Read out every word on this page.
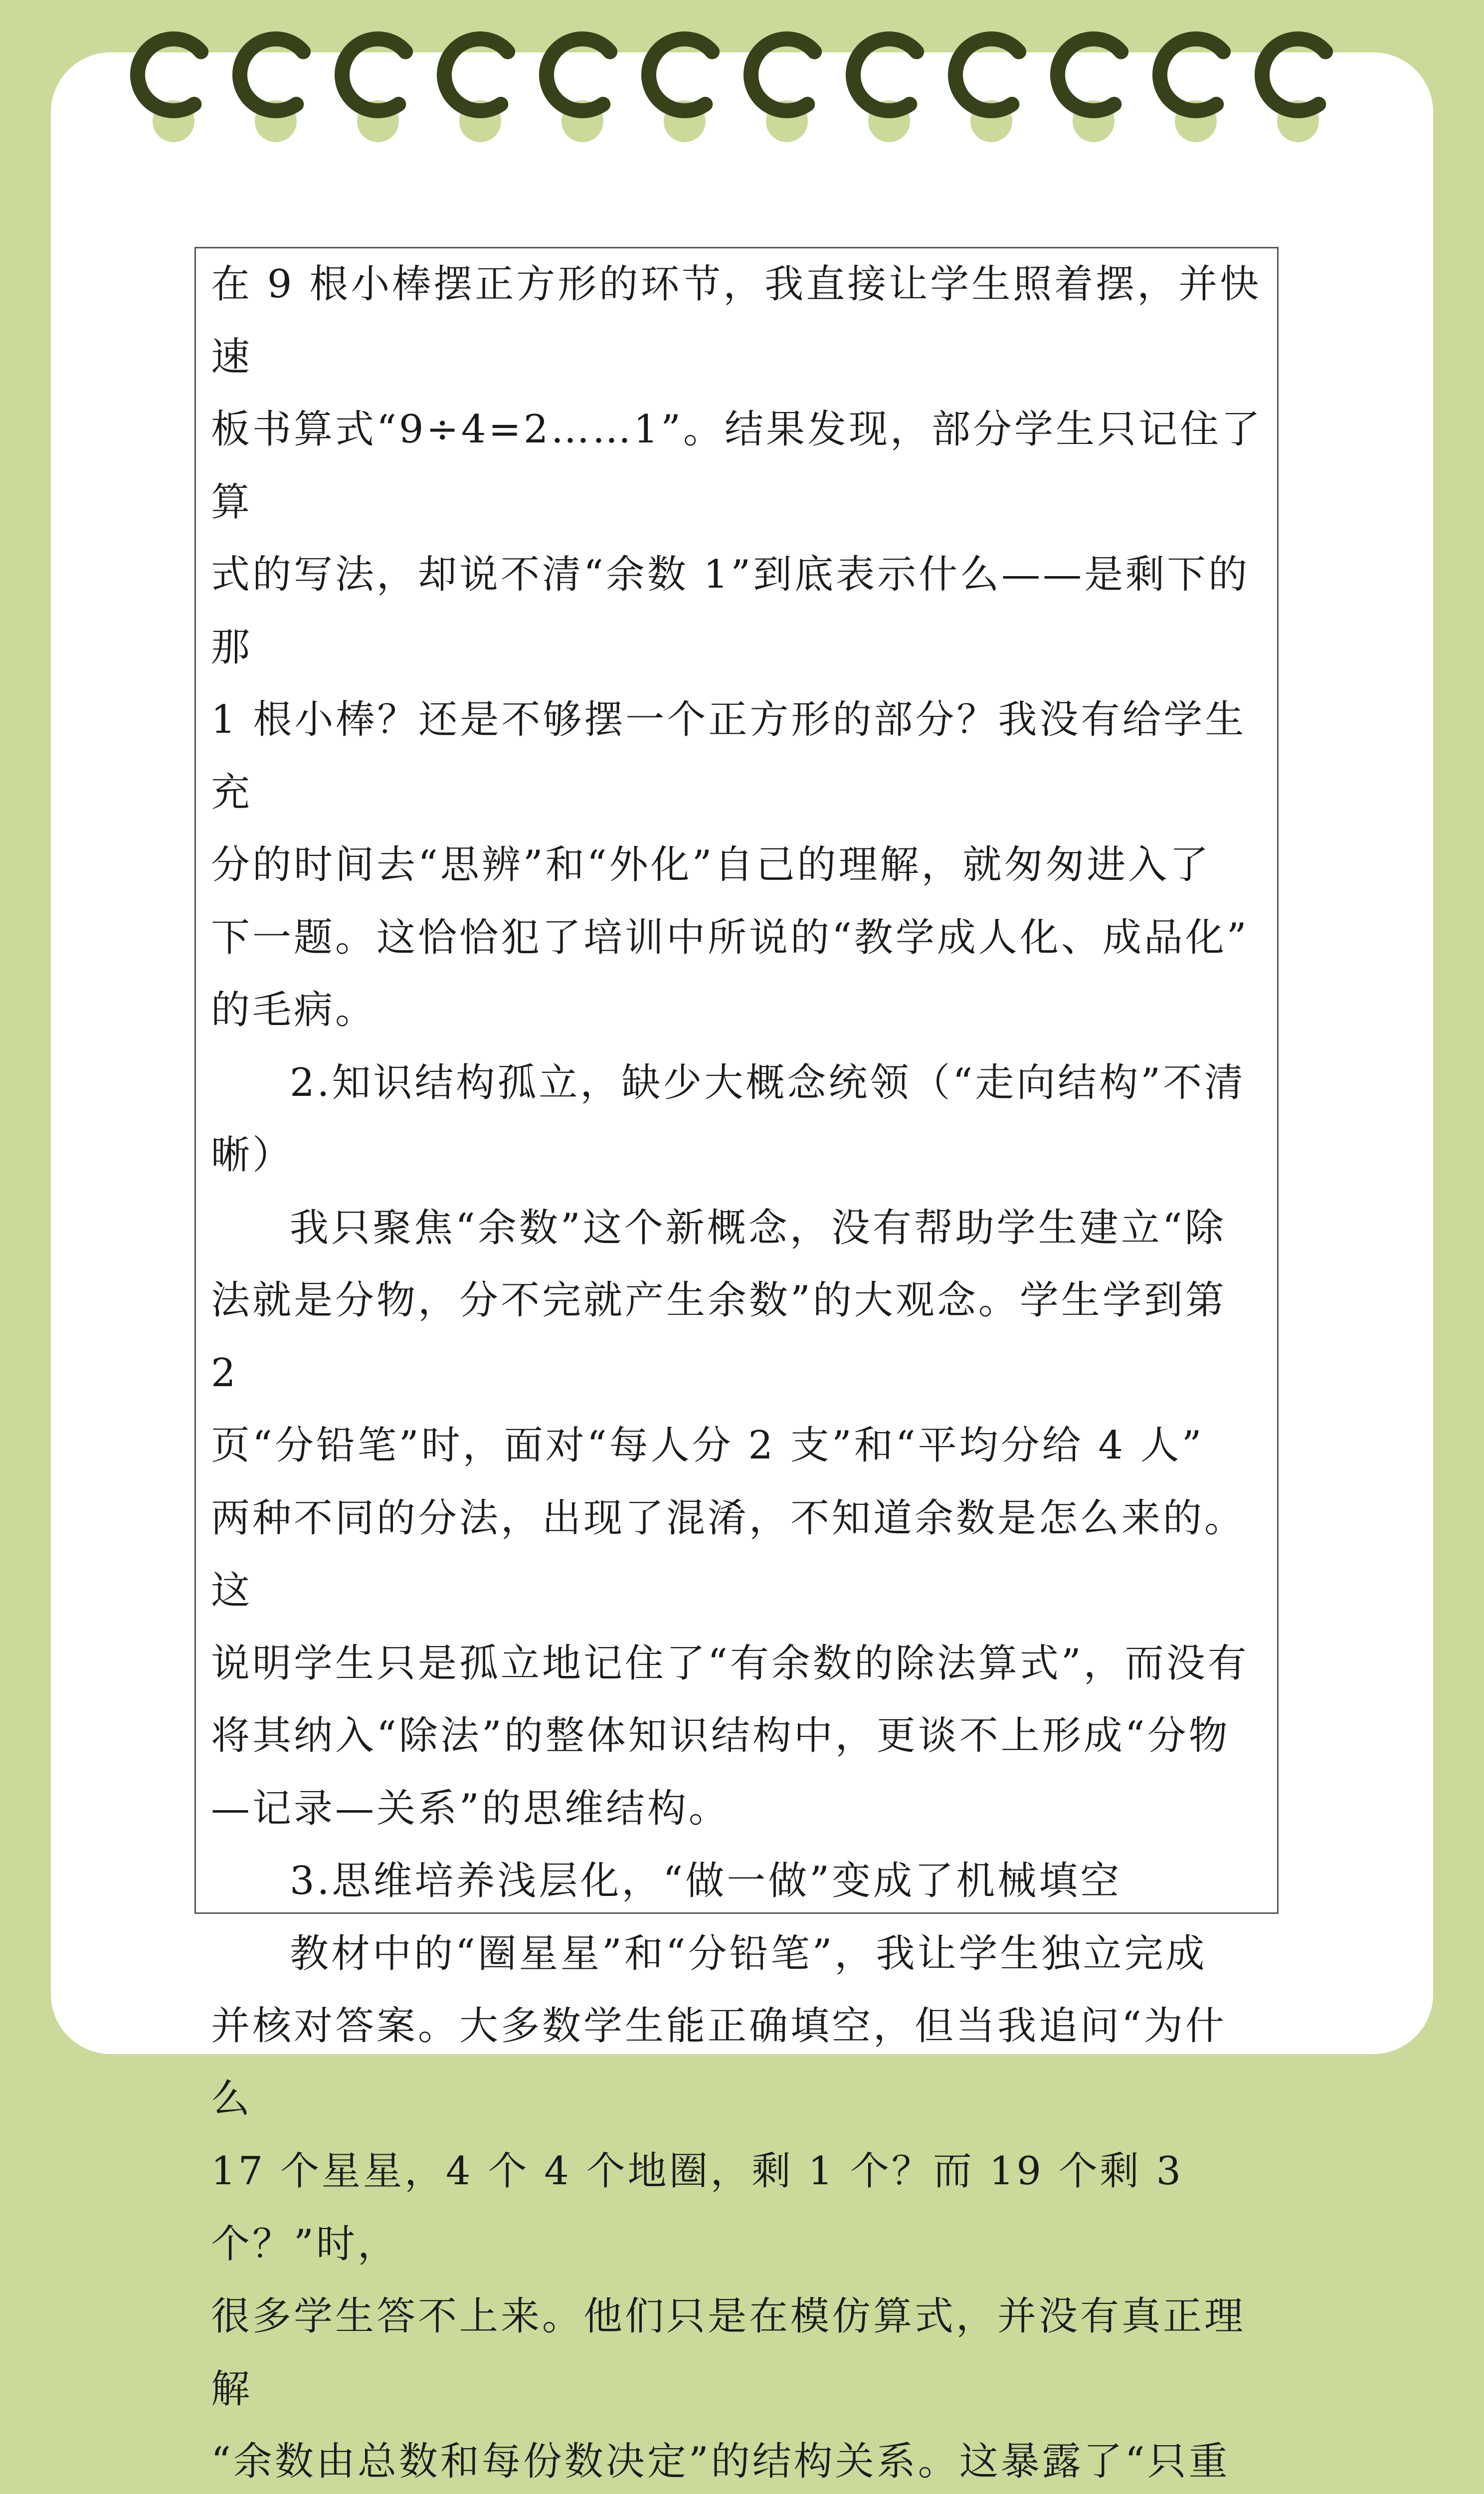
在 9 根小棒摆正方形的环节，我直接让学生照着摆，并快速
板书算式“9÷4=2……1”。结果发现，部分学生只记住了算
式的写法，却说不清“余数 1”到底表示什么——是剩下的那
1 根小棒？还是不够摆一个正方形的部分？我没有给学生充
分的时间去“思辨”和“外化”自己的理解，就匆匆进入了
下一题。这恰恰犯了培训中所说的“教学成人化、成品化”
的毛病。

2.知识结构孤立，缺少大概念统领（“走向结构”不清
晰）

我只聚焦“余数”这个新概念，没有帮助学生建立“除
法就是分物，分不完就产生余数”的大观念。学生学到第 2
页“分铅笔”时，面对“每人分 2 支”和“平均分给 4 人”
两种不同的分法，出现了混淆，不知道余数是怎么来的。这
说明学生只是孤立地记住了“有余数的除法算式”，而没有
将其纳入“除法”的整体知识结构中，更谈不上形成“分物
—记录—关系”的思维结构。

3.思维培养浅层化，“做一做”变成了机械填空

教材中的“圈星星”和“分铅笔”，我让学生独立完成
并核对答案。大多数学生能正确填空，但当我追问“为什么
17 个星星，4 个 4 个地圈，剩 1 个？而 19 个剩 3 个？”时，
很多学生答不上来。他们只是在模仿算式，并没有真正理解
“余数由总数和每份数决定”的结构关系。这暴露了“只重
